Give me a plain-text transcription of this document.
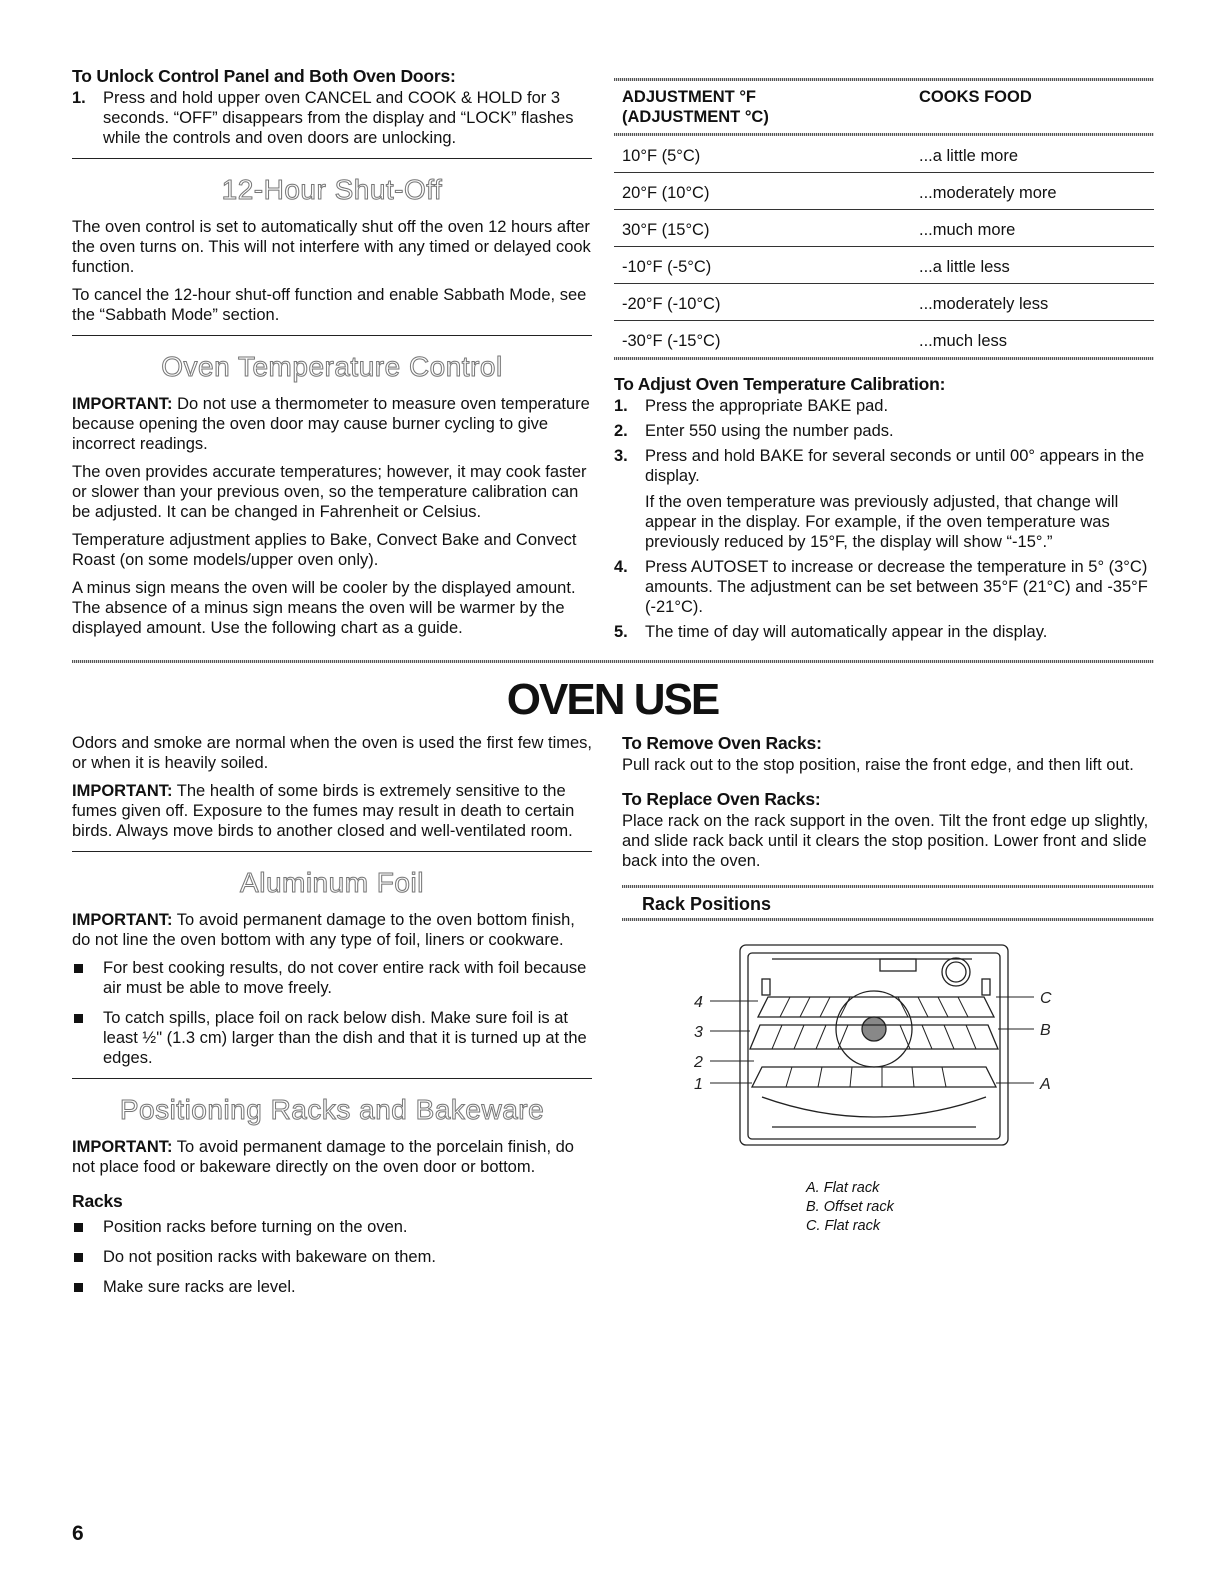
To Unlock Control Panel and Both Oven Doors:
1. Press and hold upper oven CANCEL and COOK & HOLD for 3 seconds. “OFF” disappears from the display and “LOCK” flashes while the controls and oven doors are unlocking.
12-Hour Shut-Off

The oven control is set to automatically shut off the oven 12 hours after the oven turns on. This will not interfere with any timed or delayed cook function.

To cancel the 12-hour shut-off function and enable Sabbath Mode, see the “Sabbath Mode” section.

Oven Temperature Control

IMPORTANT: Do not use a thermometer to measure oven temperature because opening the oven door may cause burner cycling to give incorrect readings.

The oven provides accurate temperatures; however, it may cook faster or slower than your previous oven, so the temperature calibration can be adjusted. It can be changed in Fahrenheit or Celsius.

Temperature adjustment applies to Bake, Convect Bake and Convect Roast (on some models/upper oven only).

A minus sign means the oven will be cooler by the displayed amount. The absence of a minus sign means the oven will be warmer by the displayed amount. Use the following chart as a guide.

ADJUSTMENT °F
(ADJUSTMENT °C)	COOKS FOOD

10°F (5°C)	...a little more
20°F (10°C)	...moderately more
30°F (15°C)	...much more
-10°F (-5°C)	...a little less
-20°F (-10°C)	...moderately less
-30°F (-15°C)	...much less
To Adjust Oven Temperature Calibration:
1. Press the appropriate BAKE pad.
2. Enter 550 using the number pads.
3. Press and hold BAKE for several seconds or until 00° appears in the display.
If the oven temperature was previously adjusted, that change will appear in the display. For example, if the oven temperature was previously reduced by 15°F, the display will show “-15°.”
4. Press AUTOSET to increase or decrease the temperature in 5° (3°C) amounts. The adjustment can be set between 35°F (21°C) and -35°F (-21°C).
5. The time of day will automatically appear in the display.
OVEN USE

Odors and smoke are normal when the oven is used the first few times, or when it is heavily soiled.

IMPORTANT: The health of some birds is extremely sensitive to the fumes given off. Exposure to the fumes may result in death to certain birds. Always move birds to another closed and well-ventilated room.

Aluminum Foil

IMPORTANT: To avoid permanent damage to the oven bottom finish, do not line the oven bottom with any type of foil, liners or cookware.

For best cooking results, do not cover entire rack with foil because air must be able to move freely.
To catch spills, place foil on rack below dish. Make sure foil is at least ½" (1.3 cm) larger than the dish and that it is turned up at the edges.
Positioning Racks and Bakeware

IMPORTANT: To avoid permanent damage to the porcelain finish, do not place food or bakeware directly on the oven door or bottom.

Racks
Position racks before turning on the oven.
Do not position racks with bakeware on them.
Make sure racks are level.
To Remove Oven Racks:

Pull rack out to the stop position, raise the front edge, and then lift out.

To Replace Oven Racks:

Place rack on the rack support in the oven. Tilt the front edge up slightly, and slide rack back until it clears the stop position. Lower front and slide back into the oven.

Rack Positions
4
3
2
1
C
B
A
A. Flat rack
B. Offset rack
C. Flat rack
6
